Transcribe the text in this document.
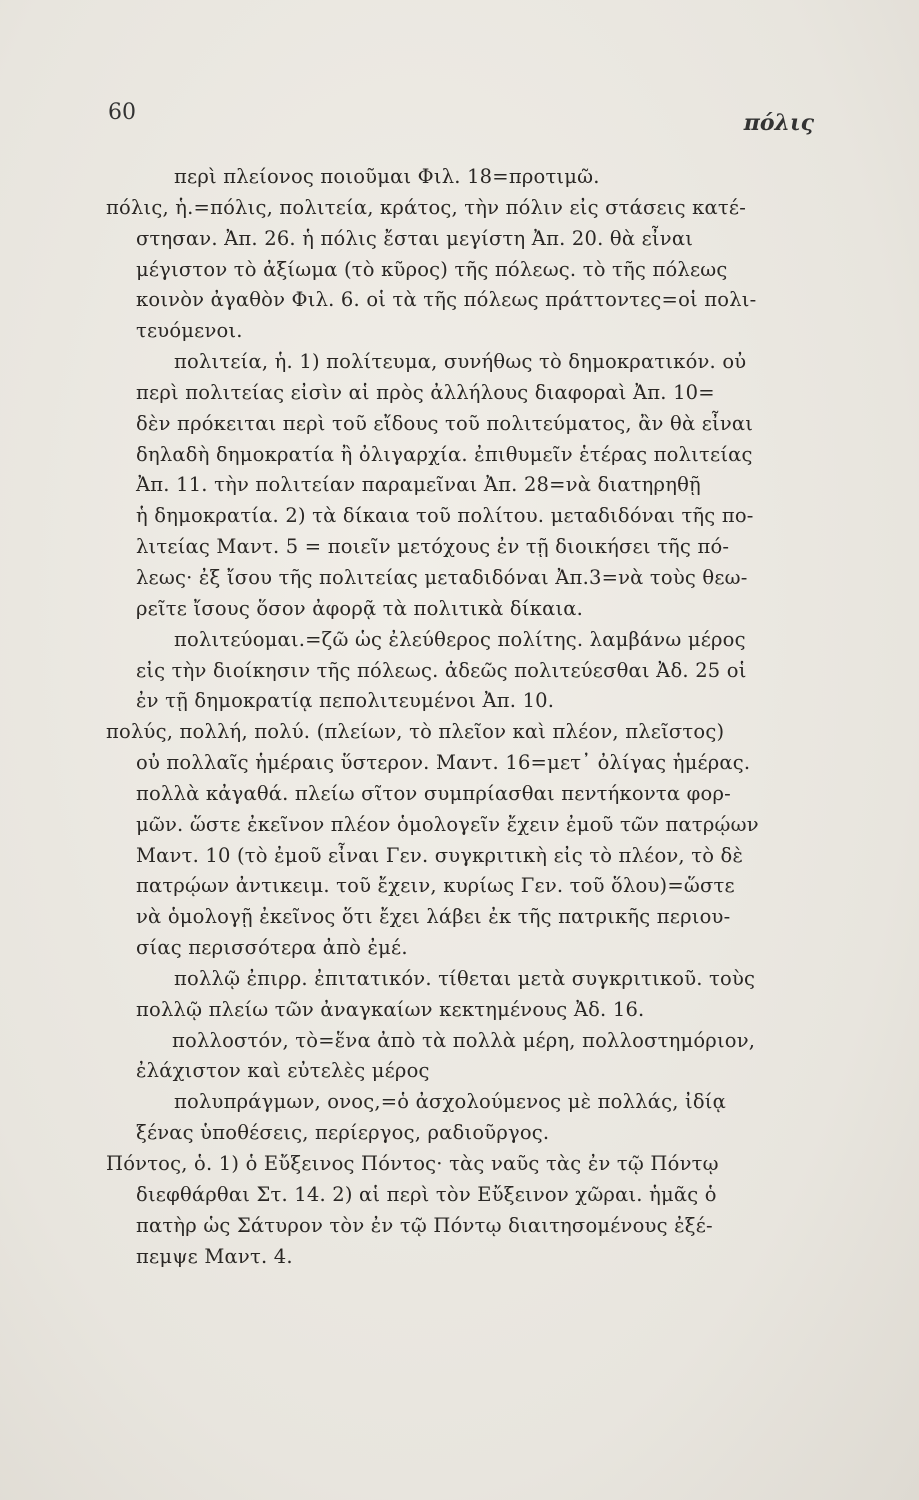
60	πόλις
περὶ πλείονος ποιοῦμαι Φιλ. 18=προτιμῶ.
πόλις, ἡ.=πόλις, πολιτεία, κράτος, τὴν πόλιν εἰς στάσεις κατέ-
στησαν. Ἀπ. 26. ἡ πόλις ἔσται μεγίστη Ἀπ. 20. θὰ εἶναι
μέγιστον τὸ ἀξίωμα (τὸ κῦρος) τῆς πόλεως. τὸ τῆς πόλεως
κοινὸν ἀγαθὸν Φιλ. 6. οἱ τὰ τῆς πόλεως πράττοντες=οἱ πολι-
τευόμενοι.
πολιτεία, ἡ. 1) πολίτευμα, συνήθως τὸ δημοκρατικόν. οὐ
περὶ πολιτείας εἰσὶν αἱ πρὸς ἀλλήλους διαφοραὶ Ἀπ. 10=
δὲν πρόκειται περὶ τοῦ εἴδους τοῦ πολιτεύματος, ἂν θὰ εἶναι
δηλαδὴ δημοκρατία ἢ ὀλιγαρχία. ἐπιθυμεῖν ἑτέρας πολιτείας
Ἀπ. 11. τὴν πολιτείαν παραμεῖναι Ἀπ. 28=νὰ διατηρηθῇ
ἡ δημοκρατία. 2) τὰ δίκαια τοῦ πολίτου. μεταδιδόναι τῆς πο-
λιτείας Μαντ. 5 = ποιεῖν μετόχους ἐν τῇ διοικήσει τῆς πό-
λεως· ἐξ ἴσου τῆς πολιτείας μεταδιδόναι Ἀπ.3=νὰ τοὺς θεω-
ρεῖτε ἴσους ὅσον ἀφορᾷ τὰ πολιτικὰ δίκαια.
πολιτεύομαι.=ζῶ ὡς ἐλεύθερος πολίτης. λαμβάνω μέρος
εἰς τὴν διοίκησιν τῆς πόλεως. ἀδεῶς πολιτεύεσθαι Ἀδ. 25 οἱ
ἐν τῇ δημοκρατίᾳ πεπολιτευμένοι Ἀπ. 10.
πολύς, πολλή, πολύ. (πλείων, τὸ πλεῖον καὶ πλέον, πλεῖστος)
οὐ πολλαῖς ἡμέραις ὕστερον. Μαντ. 16=μετ᾽ ὀλίγας ἡμέρας.
πολλὰ κἀγαθά. πλείω σῖτον συμπρίασθαι πεντήκοντα φορ-
μῶν. ὥστε ἐκεῖνον πλέον ὁμολογεῖν ἔχειν ἐμοῦ τῶν πατρῴων
Μαντ. 10 (τὸ ἐμοῦ εἶναι Γεν. συγκριτικὴ εἰς τὸ πλέον, τὸ δὲ
πατρῴων ἀντικειμ. τοῦ ἔχειν, κυρίως Γεν. τοῦ ὅλου)=ὥστε
νὰ ὁμολογῇ ἐκεῖνος ὅτι ἔχει λάβει ἐκ τῆς πατρικῆς περιου-
σίας περισσότερα ἀπὸ ἐμέ.
πολλῷ ἐπιρρ. ἐπιτατικόν. τίθεται μετὰ συγκριτικοῦ. τοὺς
πολλῷ πλείω τῶν ἀναγκαίων κεκτημένους Ἀδ. 16.
πολλοστόν, τὸ=ἕνα ἀπὸ τὰ πολλὰ μέρη, πολλοστημόριον,
ἐλάχιστον καὶ εὐτελὲς μέρος
πολυπράγμων, ονος,=ὁ ἀσχολούμενος μὲ πολλάς, ἰδίᾳ
ξένας ὑποθέσεις, περίεργος, ραδιοῦργος.
Πόντος, ὁ. 1) ὁ Εὔξεινος Πόντος· τὰς ναῦς τὰς ἐν τῷ Πόντῳ
διεφθάρθαι Στ. 14. 2) αἱ περὶ τὸν Εὔξεινον χῶραι. ἡμᾶς ὁ
πατὴρ ὡς Σάτυρον τὸν ἐν τῷ Πόντῳ διαιτησομένους ἐξέ-
πεμψε Μαντ. 4.
